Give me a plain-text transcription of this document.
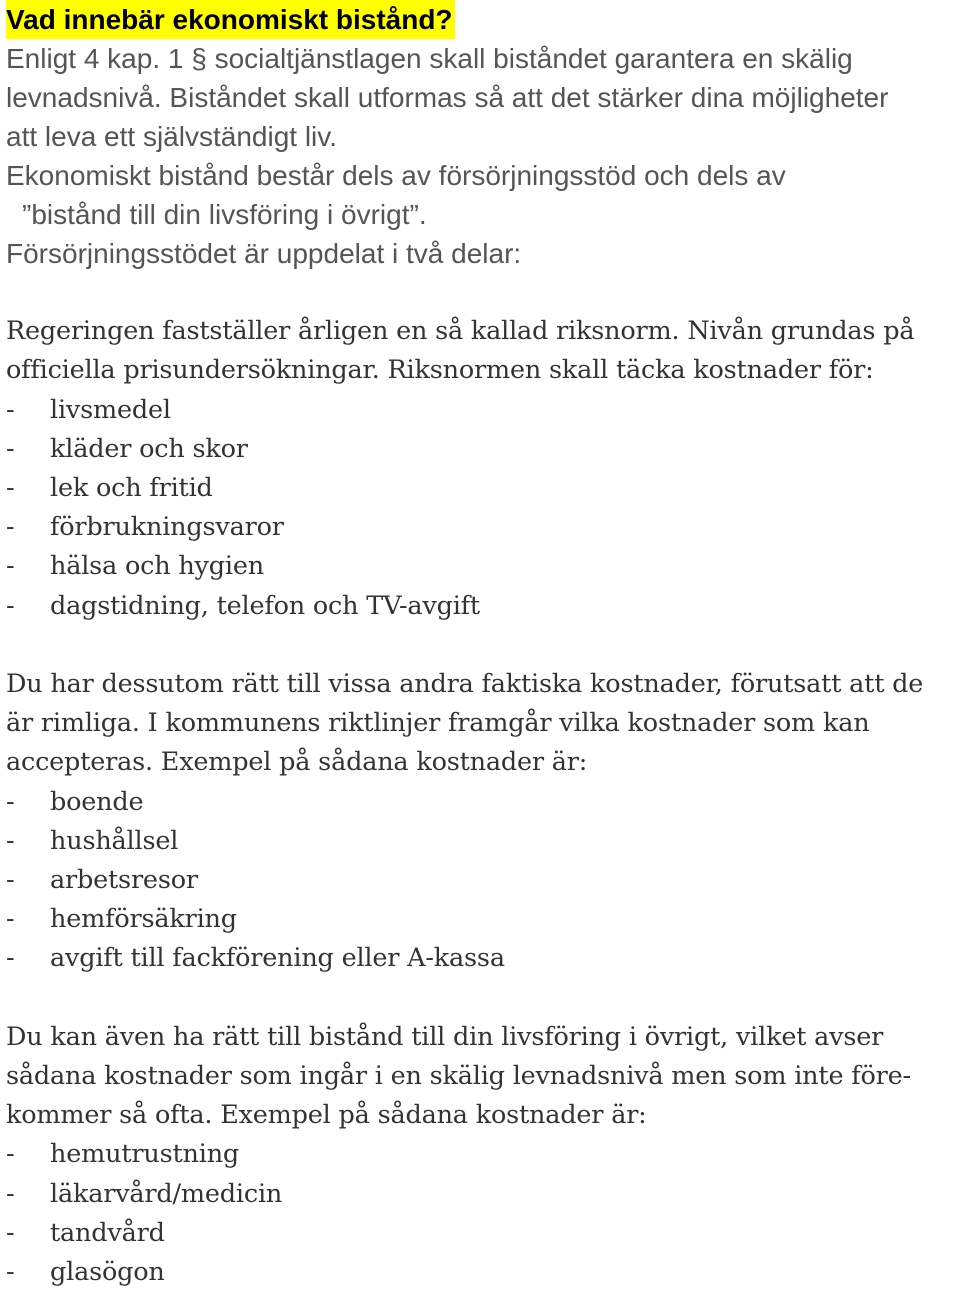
Vad innebär ekonomiskt bistånd?
Enligt 4 kap. 1 § socialtjänstlagen skall biståndet garantera en skälig
levnadsnivå. Biståndet skall utformas så att det stärker dina möjligheter
att leva ett självständigt liv.
Ekonomiskt bistånd består dels av försörjningsstöd och dels av
”bistånd till din livsföring i övrigt”.
Försörjningsstödet är uppdelat i två delar:
Regeringen fastställer årligen en så kallad riksnorm. Nivån grundas på
officiella prisundersökningar. Riksnormen skall täcka kostnader för:
-	livsmedel
-	kläder och skor
-	lek och fritid
-	förbrukningsvaror
-	hälsa och hygien
-	dagstidning, telefon och TV-avgift
Du har dessutom rätt till vissa andra faktiska kostnader, förutsatt att de
är rimliga. I kommunens riktlinjer framgår vilka kostnader som kan
accepteras. Exempel på sådana kostnader är:
-	boende
-	hushållsel
-	arbetsresor
-	hemförsäkring
-	avgift till fackförening eller A-kassa
Du kan även ha rätt till bistånd till din livsföring i övrigt, vilket avser
sådana kostnader som ingår i en skälig levnadsnivå men som inte före-
kommer så ofta. Exempel på sådana kostnader är:
-	hemutrustning
-	läkarvård/medicin
-	tandvård
-	glasögon
